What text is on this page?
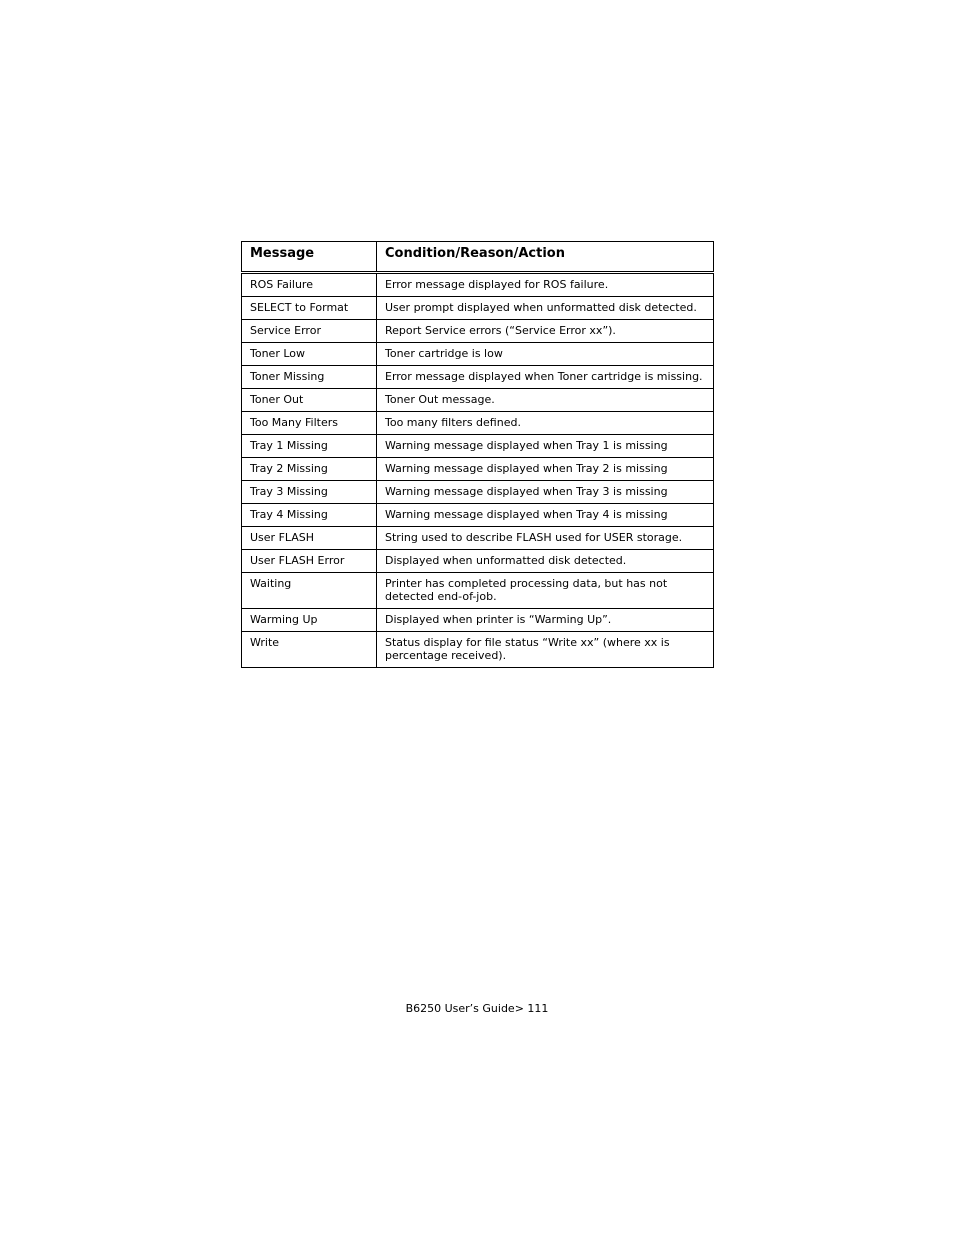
Message	Condition/Reason/Action
ROS Failure	Error message displayed for ROS failure.
SELECT to Format	User prompt displayed when unformatted disk detected.
Service Error	Report Service errors (“Service Error xx”).
Toner Low	Toner cartridge is low
Toner Missing	Error message displayed when Toner cartridge is missing.
Toner Out	Toner Out message.
Too Many Filters	Too many filters defined.
Tray 1 Missing	Warning message displayed when Tray 1 is missing
Tray 2 Missing	Warning message displayed when Tray 2 is missing
Tray 3 Missing	Warning message displayed when Tray 3 is missing
Tray 4 Missing	Warning message displayed when Tray 4 is missing
User FLASH	String used to describe FLASH used for USER storage.
User FLASH Error	Displayed when unformatted disk detected.
Waiting	Printer has completed processing data, but has not detected end-of-job.
Warming Up	Displayed when printer is “Warming Up”.
Write	Status display for file status “Write xx” (where xx is percentage received).
B6250 User’s Guide> 111
